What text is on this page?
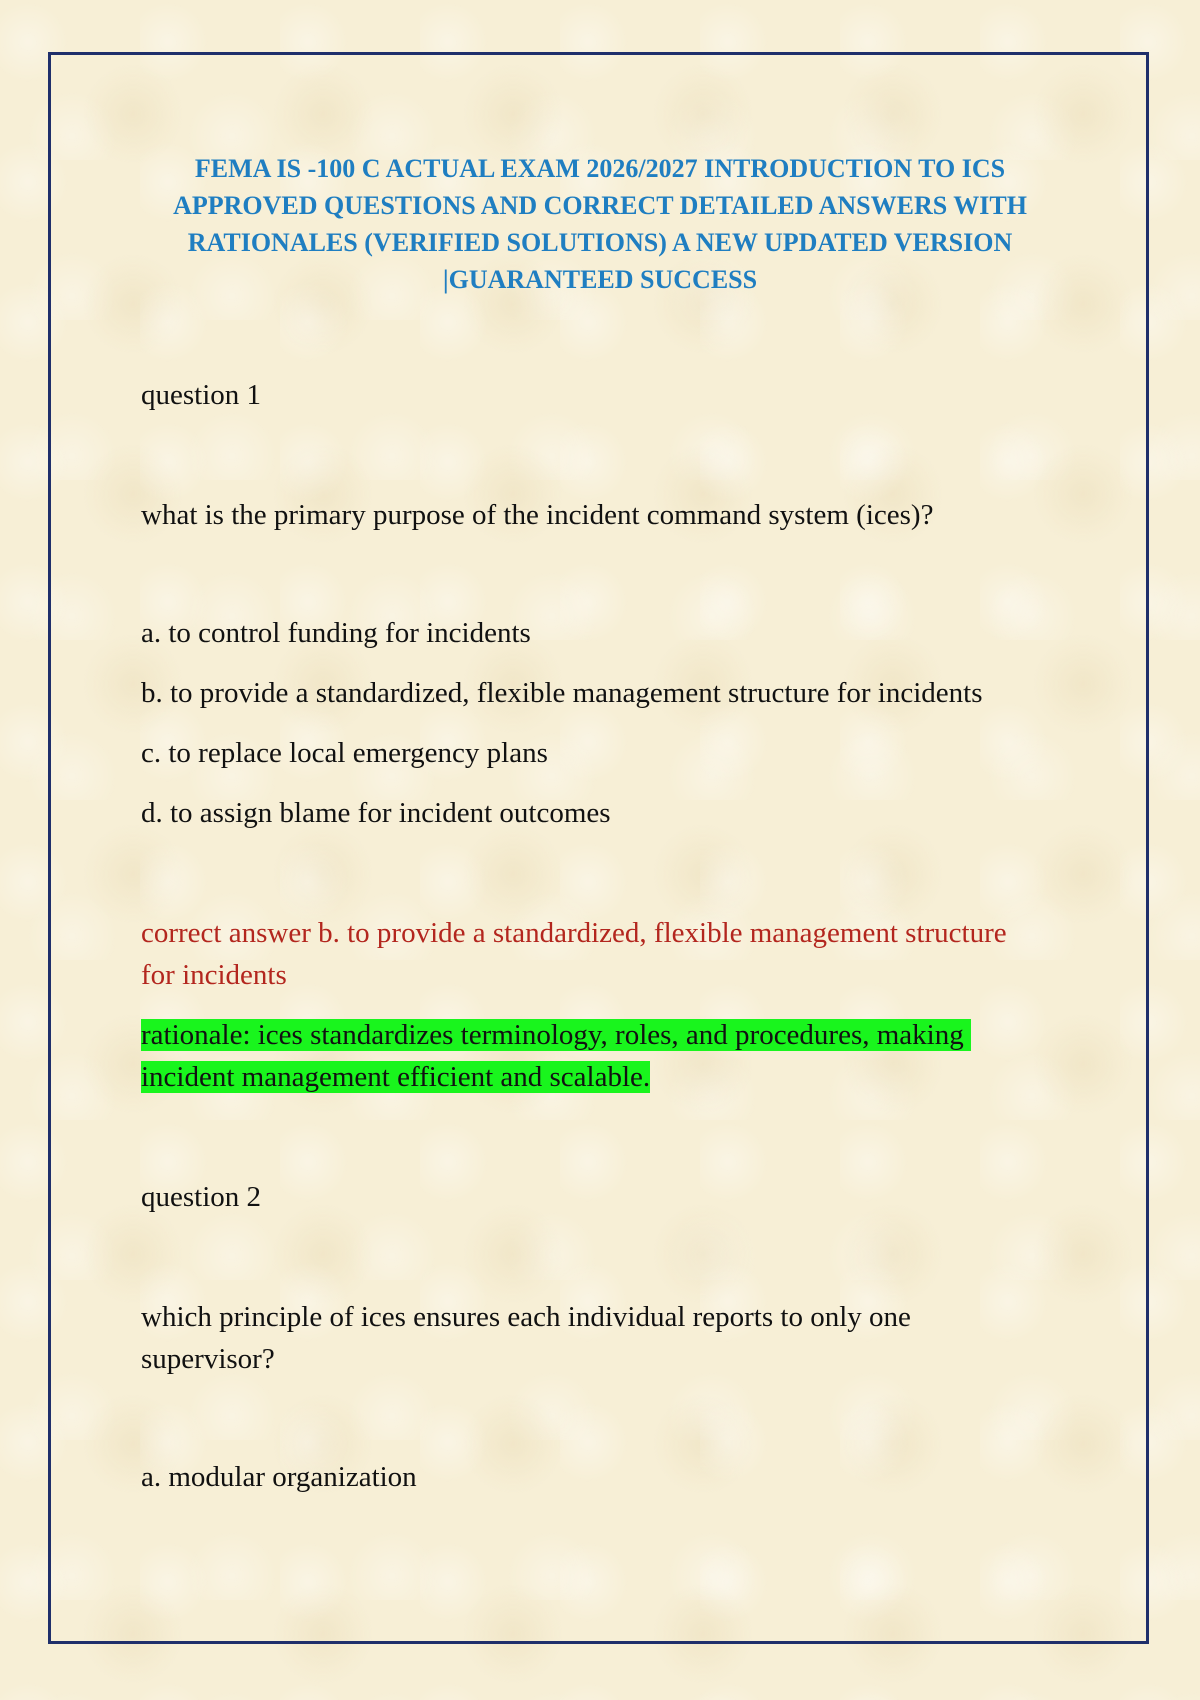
FEMA IS -100 C ACTUAL EXAM 2026/2027 INTRODUCTION TO ICS APPROVED QUESTIONS AND CORRECT DETAILED ANSWERS WITH RATIONALES (VERIFIED SOLUTIONS) A NEW UPDATED VERSION |GUARANTEED SUCCESS

question 1

what is the primary purpose of the incident command system (ices)?

a. to control funding for incidents

b. to provide a standardized, flexible management structure for incidents

c. to replace local emergency plans

d. to assign blame for incident outcomes

correct answer b. to provide a standardized, flexible management structure for incidents

rationale: ices standardizes terminology, roles, and procedures, making incident management efficient and scalable.

question 2

which principle of ices ensures each individual reports to only one supervisor?

a. modular organization
